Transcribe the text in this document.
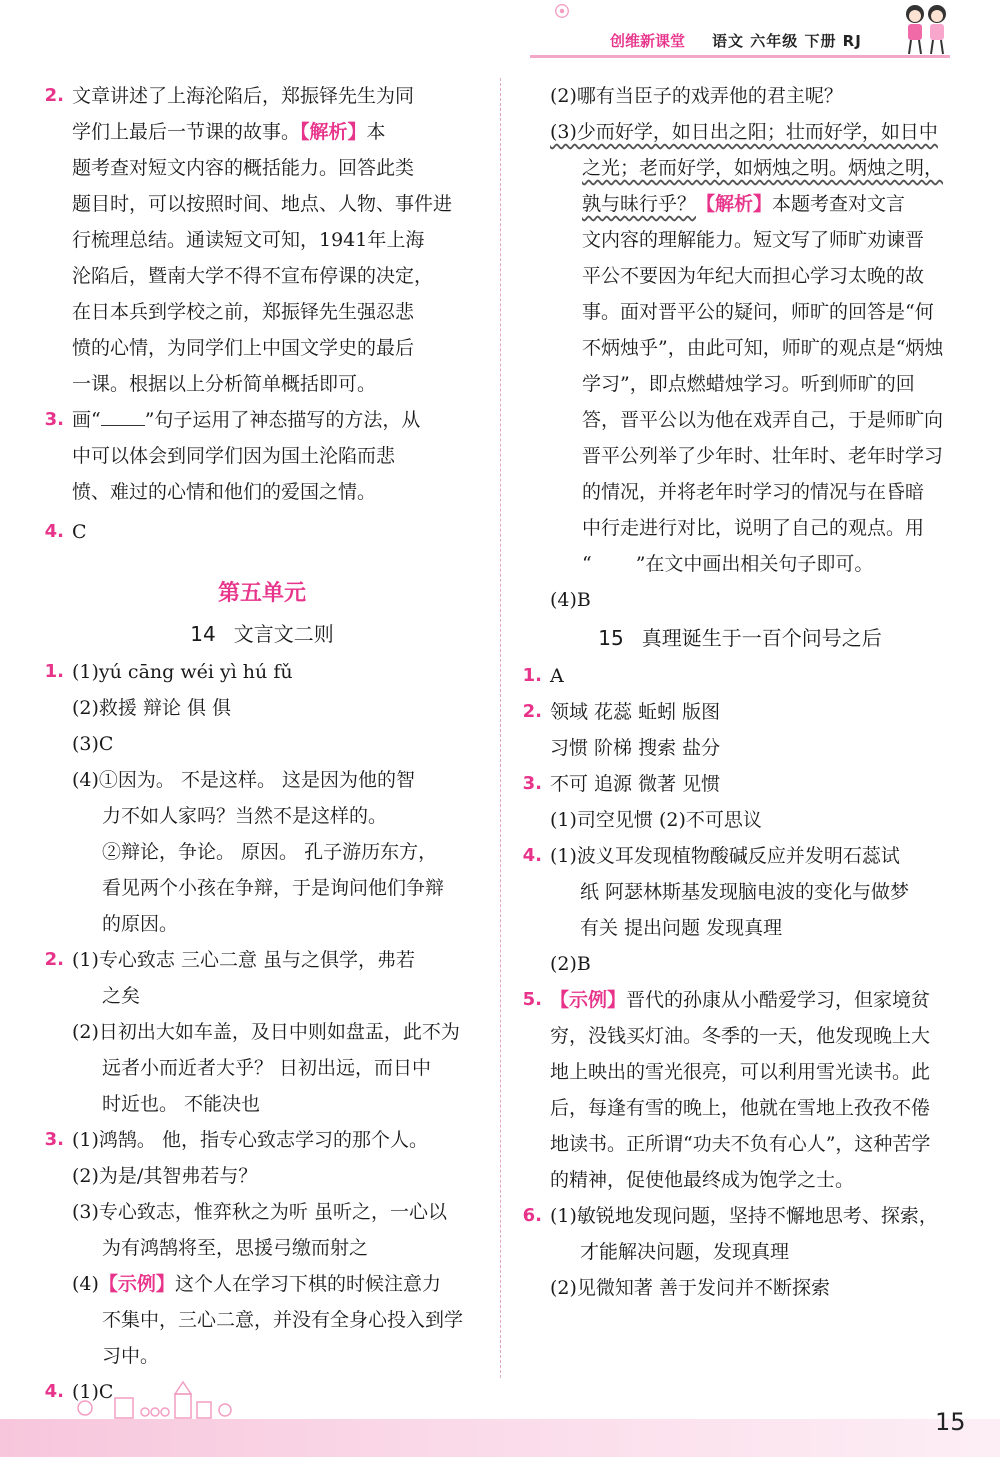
创维新课堂 语文 六年级 下册 RJ
2. 文章讲述了上海沦陷后，郑振铎先生为同
学们上最后一节课的故事。【解析】本
题考查对短文内容的概括能力。回答此类
题目时，可以按照时间、地点、人物、事件进
行梳理总结。通读短文可知，1941年上海
沦陷后，暨南大学不得不宣布停课的决定，
在日本兵到学校之前，郑振铎先生强忍悲
愤的心情，为同学们上中国文学史的最后
一课。根据以上分析简单概括即可。
3. 画“ ”句子运用了神态描写的方法，从
中可以体会到同学们因为国土沦陷而悲
愤、难过的心情和他们的爱国之情。
4. C
第五单元
14 文言文二则
1. (1)yú cāng wéi yì hú fǔ
(2)救援 辩论 俱 俱
(3)C
(4)①因为。 不是这样。 这是因为他的智
力不如人家吗？当然不是这样的。
②辩论，争论。 原因。 孔子游历东方，
看见两个小孩在争辩，于是询问他们争辩
的原因。
2. (1)专心致志 三心二意 虽与之俱学，弗若
之矣
(2)日初出大如车盖，及日中则如盘盂，此不为
远者小而近者大乎？ 日初出远，而日中
时近也。 不能决也
3. (1)鸿鹄。 他，指专心致志学习的那个人。
(2)为是/其智弗若与？
(3)专心致志，惟弈秋之为听 虽听之，一心以
为有鸿鹄将至，思援弓缴而射之
(4)【示例】这个人在学习下棋的时候注意力
不集中，三心二意，并没有全身心投入到学
习中。
4. (1)C
(2)哪有当臣子的戏弄他的君主呢？
(3)少而好学，如日出之阳；壮而好学，如日中
之光；老而好学，如炳烛之明。炳烛之明，
孰与昧行乎？【解析】本题考查对文言
文内容的理解能力。短文写了师旷劝谏晋
平公不要因为年纪大而担心学习太晚的故
事。面对晋平公的疑问，师旷的回答是“何
不炳烛乎”，由此可知，师旷的观点是“炳烛
学习”，即点燃蜡烛学习。听到师旷的回
答，晋平公以为他在戏弄自己，于是师旷向
晋平公列举了少年时、壮年时、老年时学习
的情况，并将老年时学习的情况与在昏暗
中行走进行对比，说明了自己的观点。用
“ ”在文中画出相关句子即可。
(4)B
15 真理诞生于一百个问号之后
1. A
2. 领域 花蕊 蚯蚓 版图
习惯 阶梯 搜索 盐分
3. 不可 追源 微著 见惯
(1)司空见惯 (2)不可思议
4. (1)波义耳发现植物酸碱反应并发明石蕊试
纸 阿瑟林斯基发现脑电波的变化与做梦
有关 提出问题 发现真理
(2)B
5. 【示例】晋代的孙康从小酷爱学习，但家境贫
穷，没钱买灯油。冬季的一天，他发现晚上大
地上映出的雪光很亮，可以利用雪光读书。此
后，每逢有雪的晚上，他就在雪地上孜孜不倦
地读书。正所谓“功夫不负有心人”，这种苦学
的精神，促使他最终成为饱学之士。
6. (1)敏锐地发现问题，坚持不懈地思考、探索，
才能解决问题，发现真理
(2)见微知著 善于发问并不断探索
15
